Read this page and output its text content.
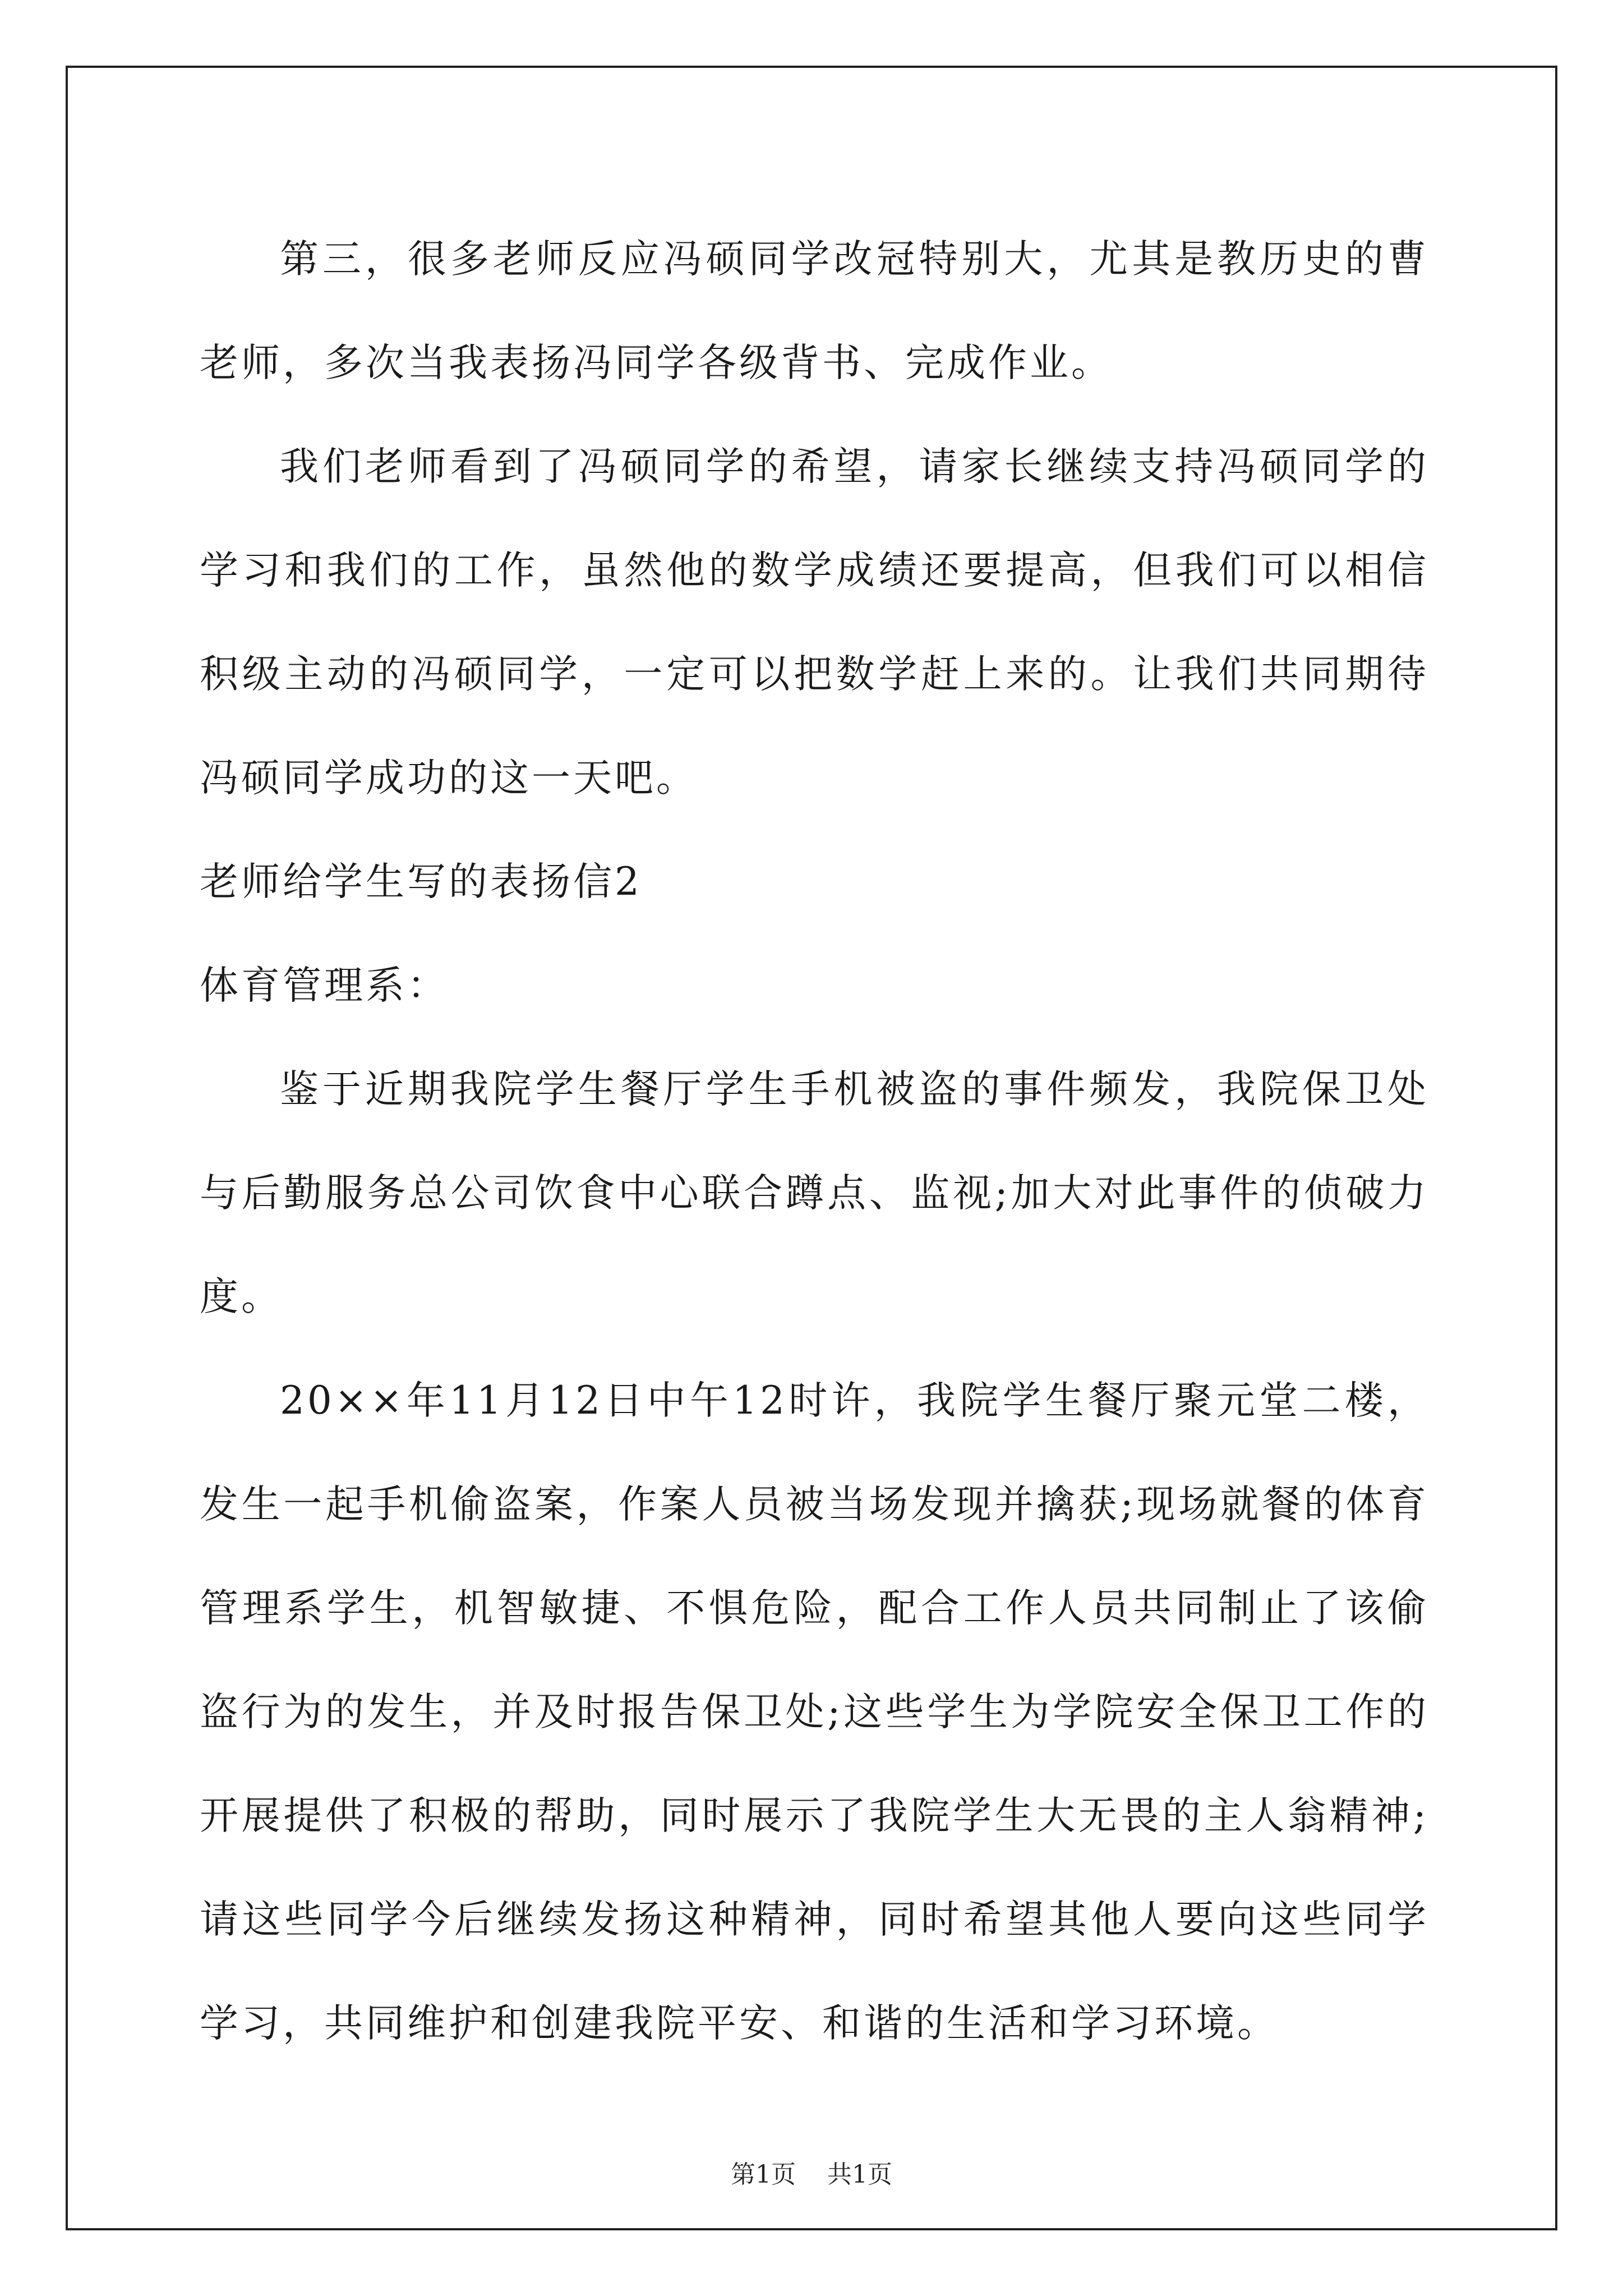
第三，很多老师反应冯硕同学改冠特别大，尤其是教历史的曹老师，多次当我表扬冯同学各级背书、完成作业。

我们老师看到了冯硕同学的希望，请家长继续支持冯硕同学的学习和我们的工作，虽然他的数学成绩还要提高，但我们可以相信积级主动的冯硕同学，一定可以把数学赶上来的。让我们共同期待冯硕同学成功的这一天吧。

老师给学生写的表扬信2

体育管理系：

鉴于近期我院学生餐厅学生手机被盗的事件频发，我院保卫处与后勤服务总公司饮食中心联合蹲点、监视;加大对此事件的侦破力度。

20××年11月12日中午12时许，我院学生餐厅聚元堂二楼，发生一起手机偷盗案，作案人员被当场发现并擒获;现场就餐的体育管理系学生，机智敏捷、不惧危险，配合工作人员共同制止了该偷盗行为的发生，并及时报告保卫处;这些学生为学院安全保卫工作的开展提供了积极的帮助，同时展示了我院学生大无畏的主人翁精神;请这些同学今后继续发扬这种精神，同时希望其他人要向这些同学学习，共同维护和创建我院平安、和谐的生活和学习环境。

第1页 共1页
